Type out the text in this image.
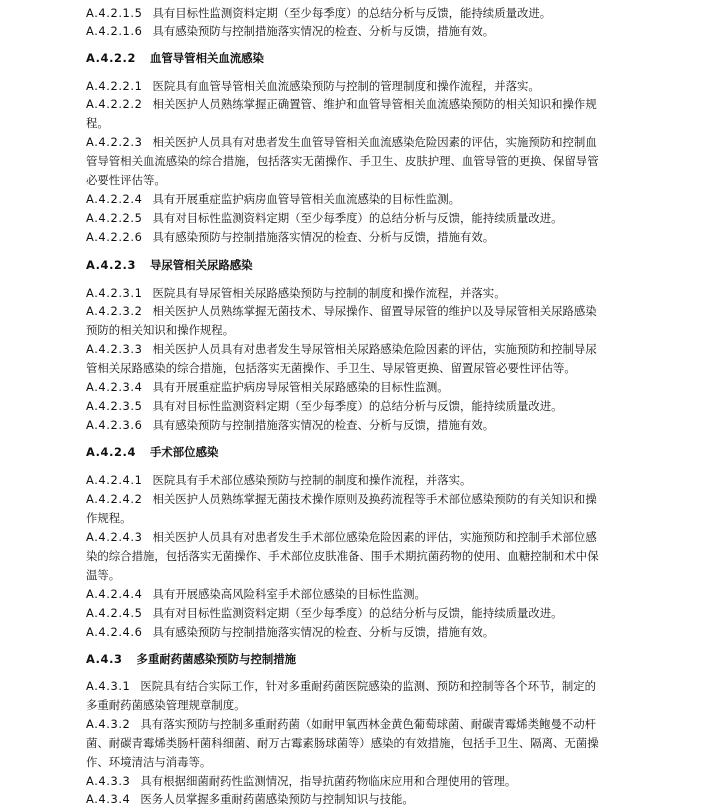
A.4.2.1.5 具有目标性监测资料定期（至少每季度）的总结分析与反馈，能持续质量改进。
A.4.2.1.6 具有感染预防与控制措施落实情况的检查、分析与反馈，措施有效。
A.4.2.2 血管导管相关血流感染
A.4.2.2.1 医院具有血管导管相关血流感染预防与控制的管理制度和操作流程，并落实。
A.4.2.2.2 相关医护人员熟练掌握正确置管、维护和血管导管相关血流感染预防的相关知识和操作规
程。
A.4.2.2.3 相关医护人员具有对患者发生血管导管相关血流感染危险因素的评估，实施预防和控制血
管导管相关血流感染的综合措施，包括落实无菌操作、手卫生、皮肤护理、血管导管的更换、保留导管
必要性评估等。
A.4.2.2.4 具有开展重症监护病房血管导管相关血流感染的目标性监测。
A.4.2.2.5 具有对目标性监测资料定期（至少每季度）的总结分析与反馈，能持续质量改进。
A.4.2.2.6 具有感染预防与控制措施落实情况的检查、分析与反馈，措施有效。
A.4.2.3 导尿管相关尿路感染
A.4.2.3.1 医院具有导尿管相关尿路感染预防与控制的制度和操作流程，并落实。
A.4.2.3.2 相关医护人员熟练掌握无菌技术、导尿操作、留置导尿管的维护以及导尿管相关尿路感染
预防的相关知识和操作规程。
A.4.2.3.3 相关医护人员具有对患者发生导尿管相关尿路感染危险因素的评估，实施预防和控制导尿
管相关尿路感染的综合措施，包括落实无菌操作、手卫生、导尿管更换、留置尿管必要性评估等。
A.4.2.3.4 具有开展重症监护病房导尿管相关尿路感染的目标性监测。
A.4.2.3.5 具有对目标性监测资料定期（至少每季度）的总结分析与反馈，能持续质量改进。
A.4.2.3.6 具有感染预防与控制措施落实情况的检查、分析与反馈，措施有效。
A.4.2.4 手术部位感染
A.4.2.4.1 医院具有手术部位感染预防与控制的制度和操作流程，并落实。
A.4.2.4.2 相关医护人员熟练掌握无菌技术操作原则及换药流程等手术部位感染预防的有关知识和操
作规程。
A.4.2.4.3 相关医护人员具有对患者发生手术部位感染危险因素的评估，实施预防和控制手术部位感
染的综合措施，包括落实无菌操作、手术部位皮肤准备、围手术期抗菌药物的使用、血糖控制和术中保
温等。
A.4.2.4.4 具有开展感染高风险科室手术部位感染的目标性监测。
A.4.2.4.5 具有对目标性监测资料定期（至少每季度）的总结分析与反馈，能持续质量改进。
A.4.2.4.6 具有感染预防与控制措施落实情况的检查、分析与反馈，措施有效。
A.4.3 多重耐药菌感染预防与控制措施
A.4.3.1 医院具有结合实际工作，针对多重耐药菌医院感染的监测、预防和控制等各个环节，制定的
多重耐药菌感染管理规章制度。
A.4.3.2 具有落实预防与控制多重耐药菌（如耐甲氧西林金黄色葡萄球菌、耐碳青霉烯类鲍曼不动杆
菌、耐碳青霉烯类肠杆菌科细菌、耐万古霉素肠球菌等）感染的有效措施，包括手卫生、隔离、无菌操
作、环境清洁与消毒等。
A.4.3.3 具有根据细菌耐药性监测情况，指导抗菌药物临床应用和合理使用的管理。
A.4.3.4 医务人员掌握多重耐药菌感染预防与控制知识与技能。
